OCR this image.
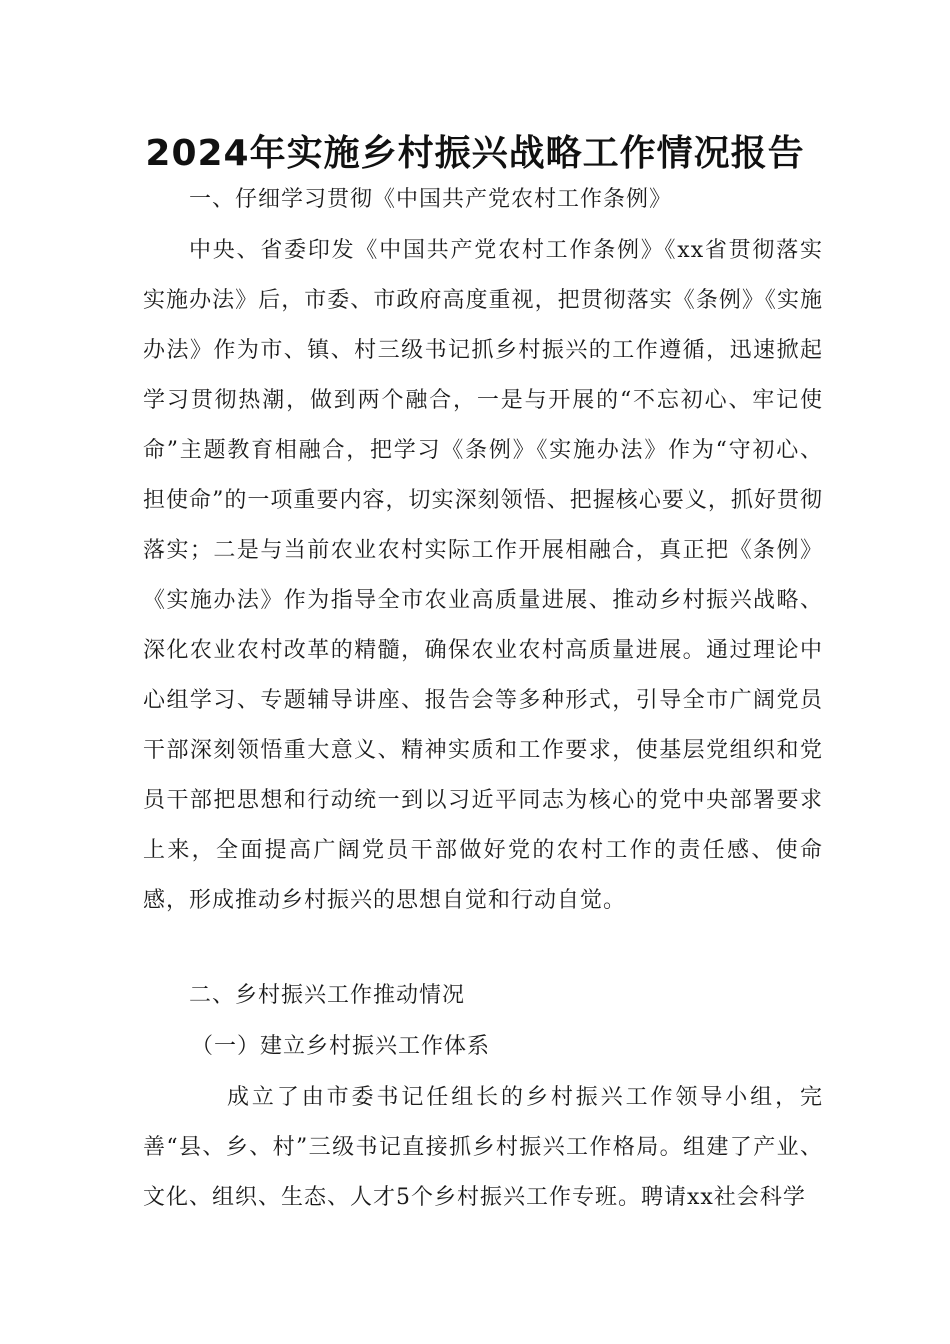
2024年实施乡村振兴战略工作情况报告
一、仔细学习贯彻《中国共产党农村工作条例》
中央、省委印发《中国共产党农村工作条例》《xx省贯彻落实实施办法》后，市委、市政府高度重视，把贯彻落实《条例》《实施办法》作为市、镇、村三级书记抓乡村振兴的工作遵循，迅速掀起学习贯彻热潮，做到两个融合，一是与开展的“不忘初心、牢记使命”主题教育相融合，把学习《条例》《实施办法》作为“守初心、担使命”的一项重要内容，切实深刻领悟、把握核心要义，抓好贯彻落实；二是与当前农业农村实际工作开展相融合，真正把《条例》《实施办法》作为指导全市农业高质量进展、推动乡村振兴战略、深化农业农村改革的精髓，确保农业农村高质量进展。通过理论中心组学习、专题辅导讲座、报告会等多种形式，引导全市广阔党员干部深刻领悟重大意义、精神实质和工作要求，使基层党组织和党员干部把思想和行动统一到以习近平同志为核心的党中央部署要求上来，全面提高广阔党员干部做好党的农村工作的责任感、使命感，形成推动乡村振兴的思想自觉和行动自觉。
二、乡村振兴工作推动情况
（一）建立乡村振兴工作体系
成立了由市委书记任组长的乡村振兴工作领导小组，完善“县、乡、村”三级书记直接抓乡村振兴工作格局。组建了产业、文化、组织、生态、人才5个乡村振兴工作专班。聘请xx社会科学
